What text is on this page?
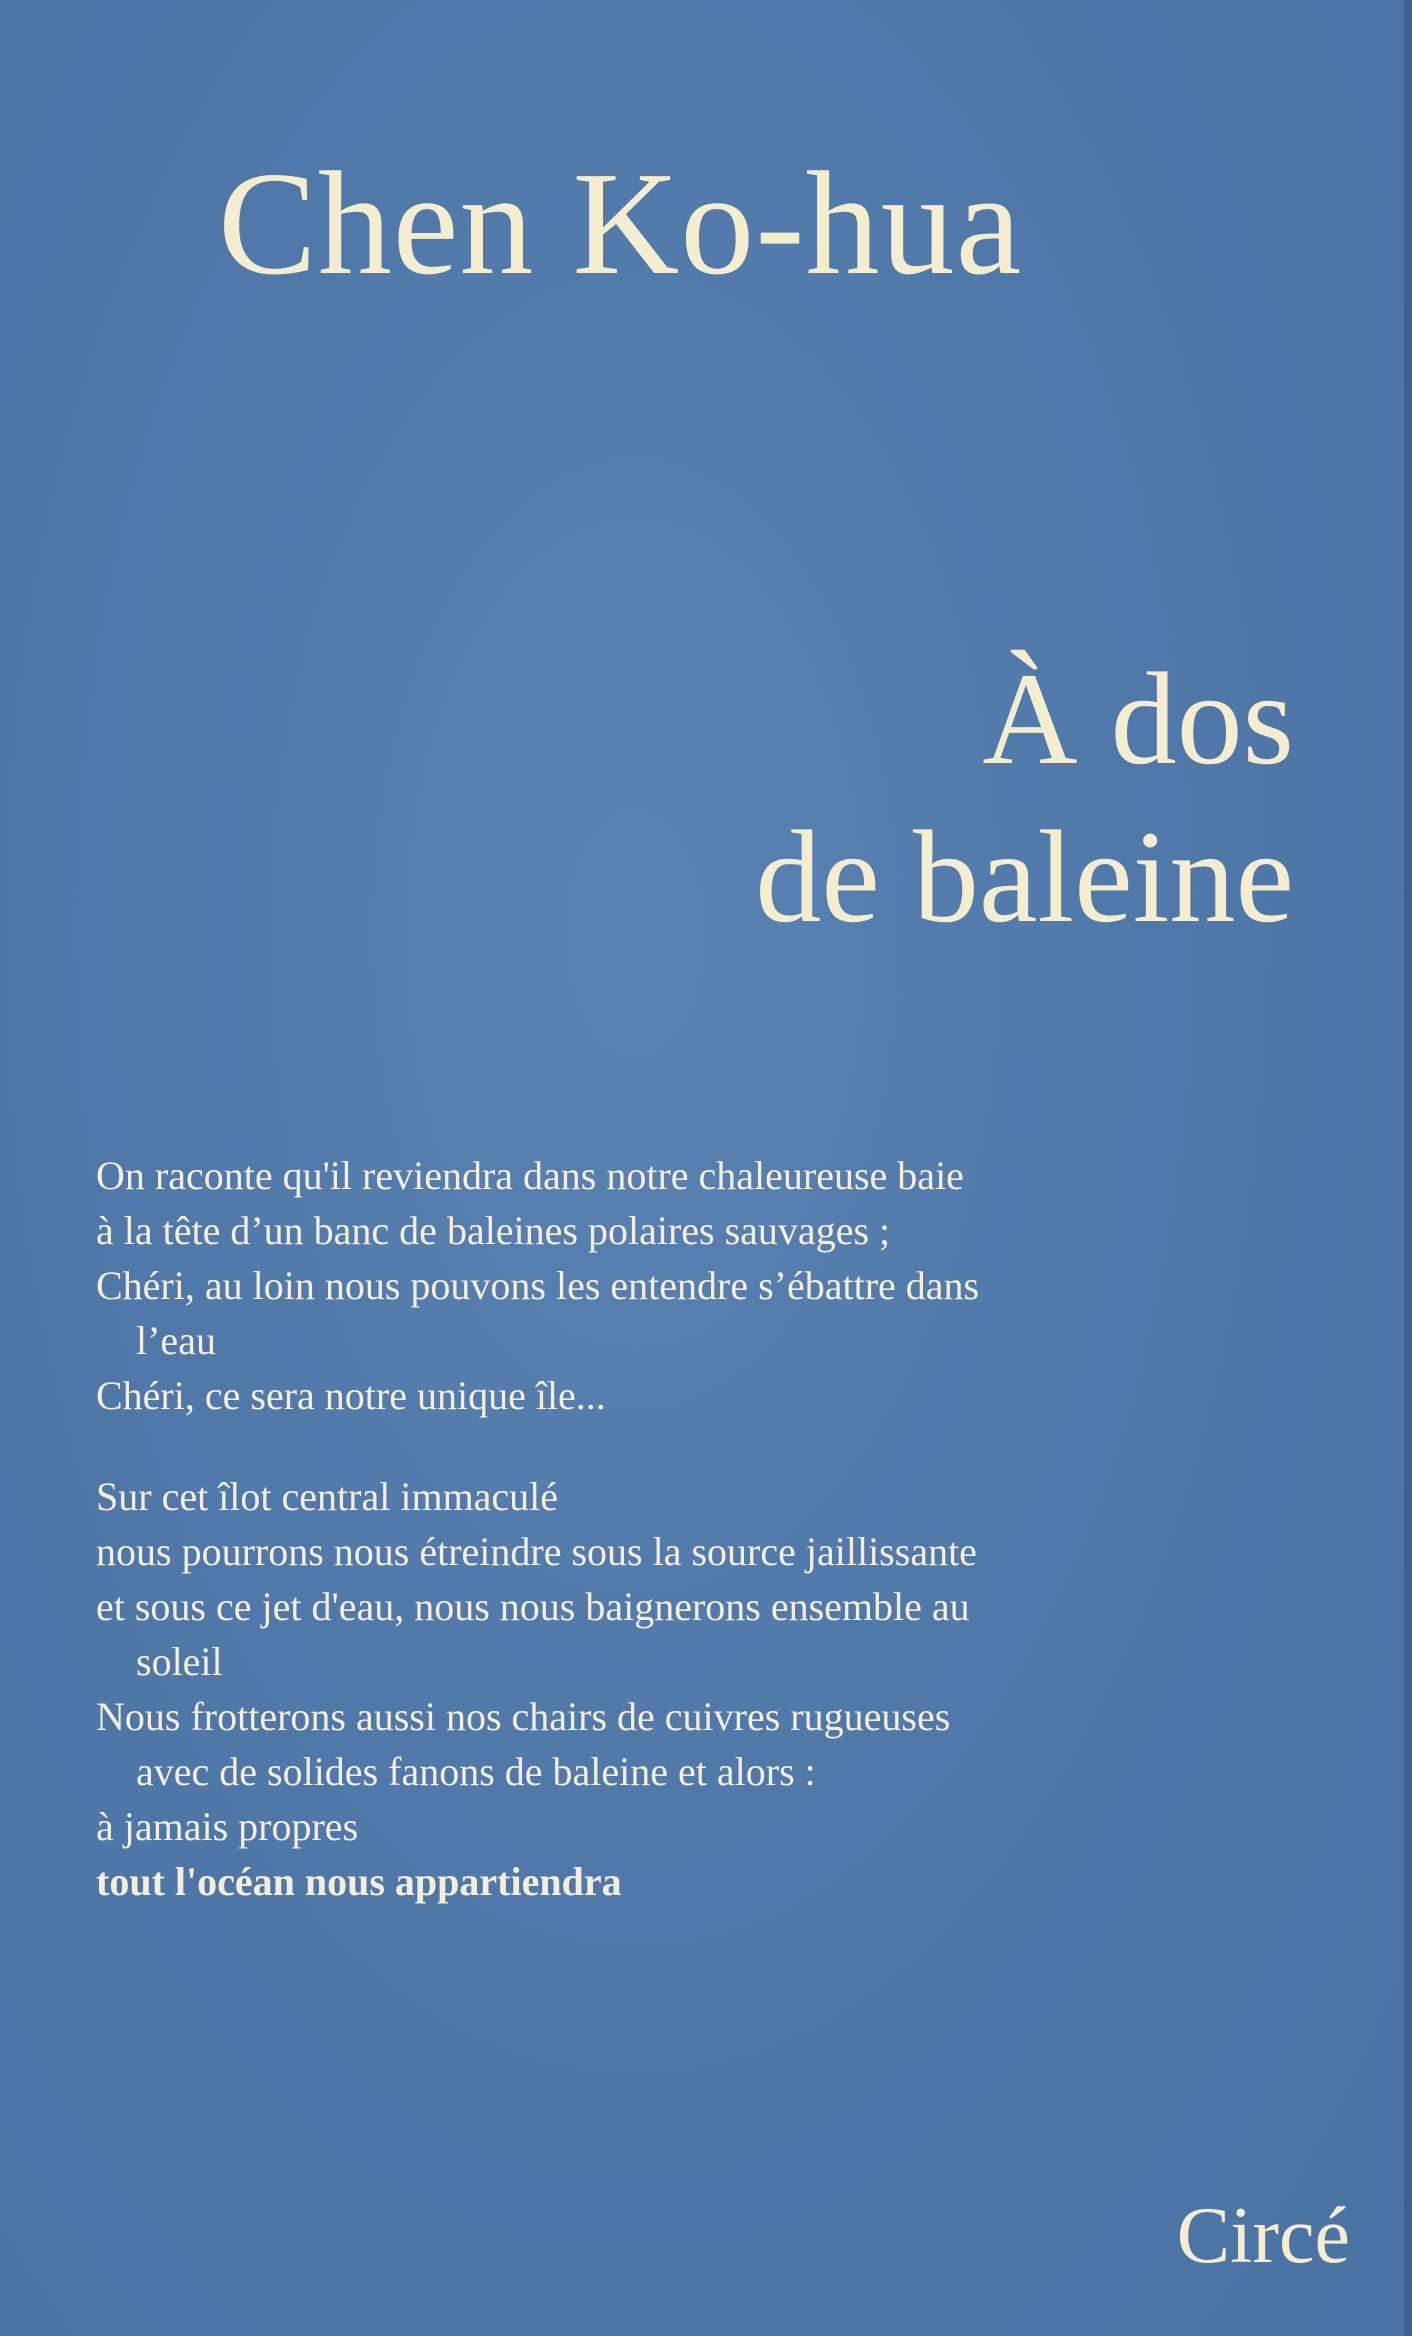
Chen Ko-hua
À dos
de baleine

On raconte qu'il reviendra dans notre chaleureuse baie
à la tête d’un banc de baleines polaires sauvages ;
Chéri, au loin nous pouvons les entendre s’ébattre dans
l’eau
Chéri, ce sera notre unique île...

Sur cet îlot central immaculé
nous pourrons nous étreindre sous la source jaillissante
et sous ce jet d'eau, nous nous baignerons ensemble au
soleil
Nous frotterons aussi nos chairs de cuivres rugueuses
avec de solides fanons de baleine et alors :
à jamais propres
tout l'océan nous appartiendra

Circé
